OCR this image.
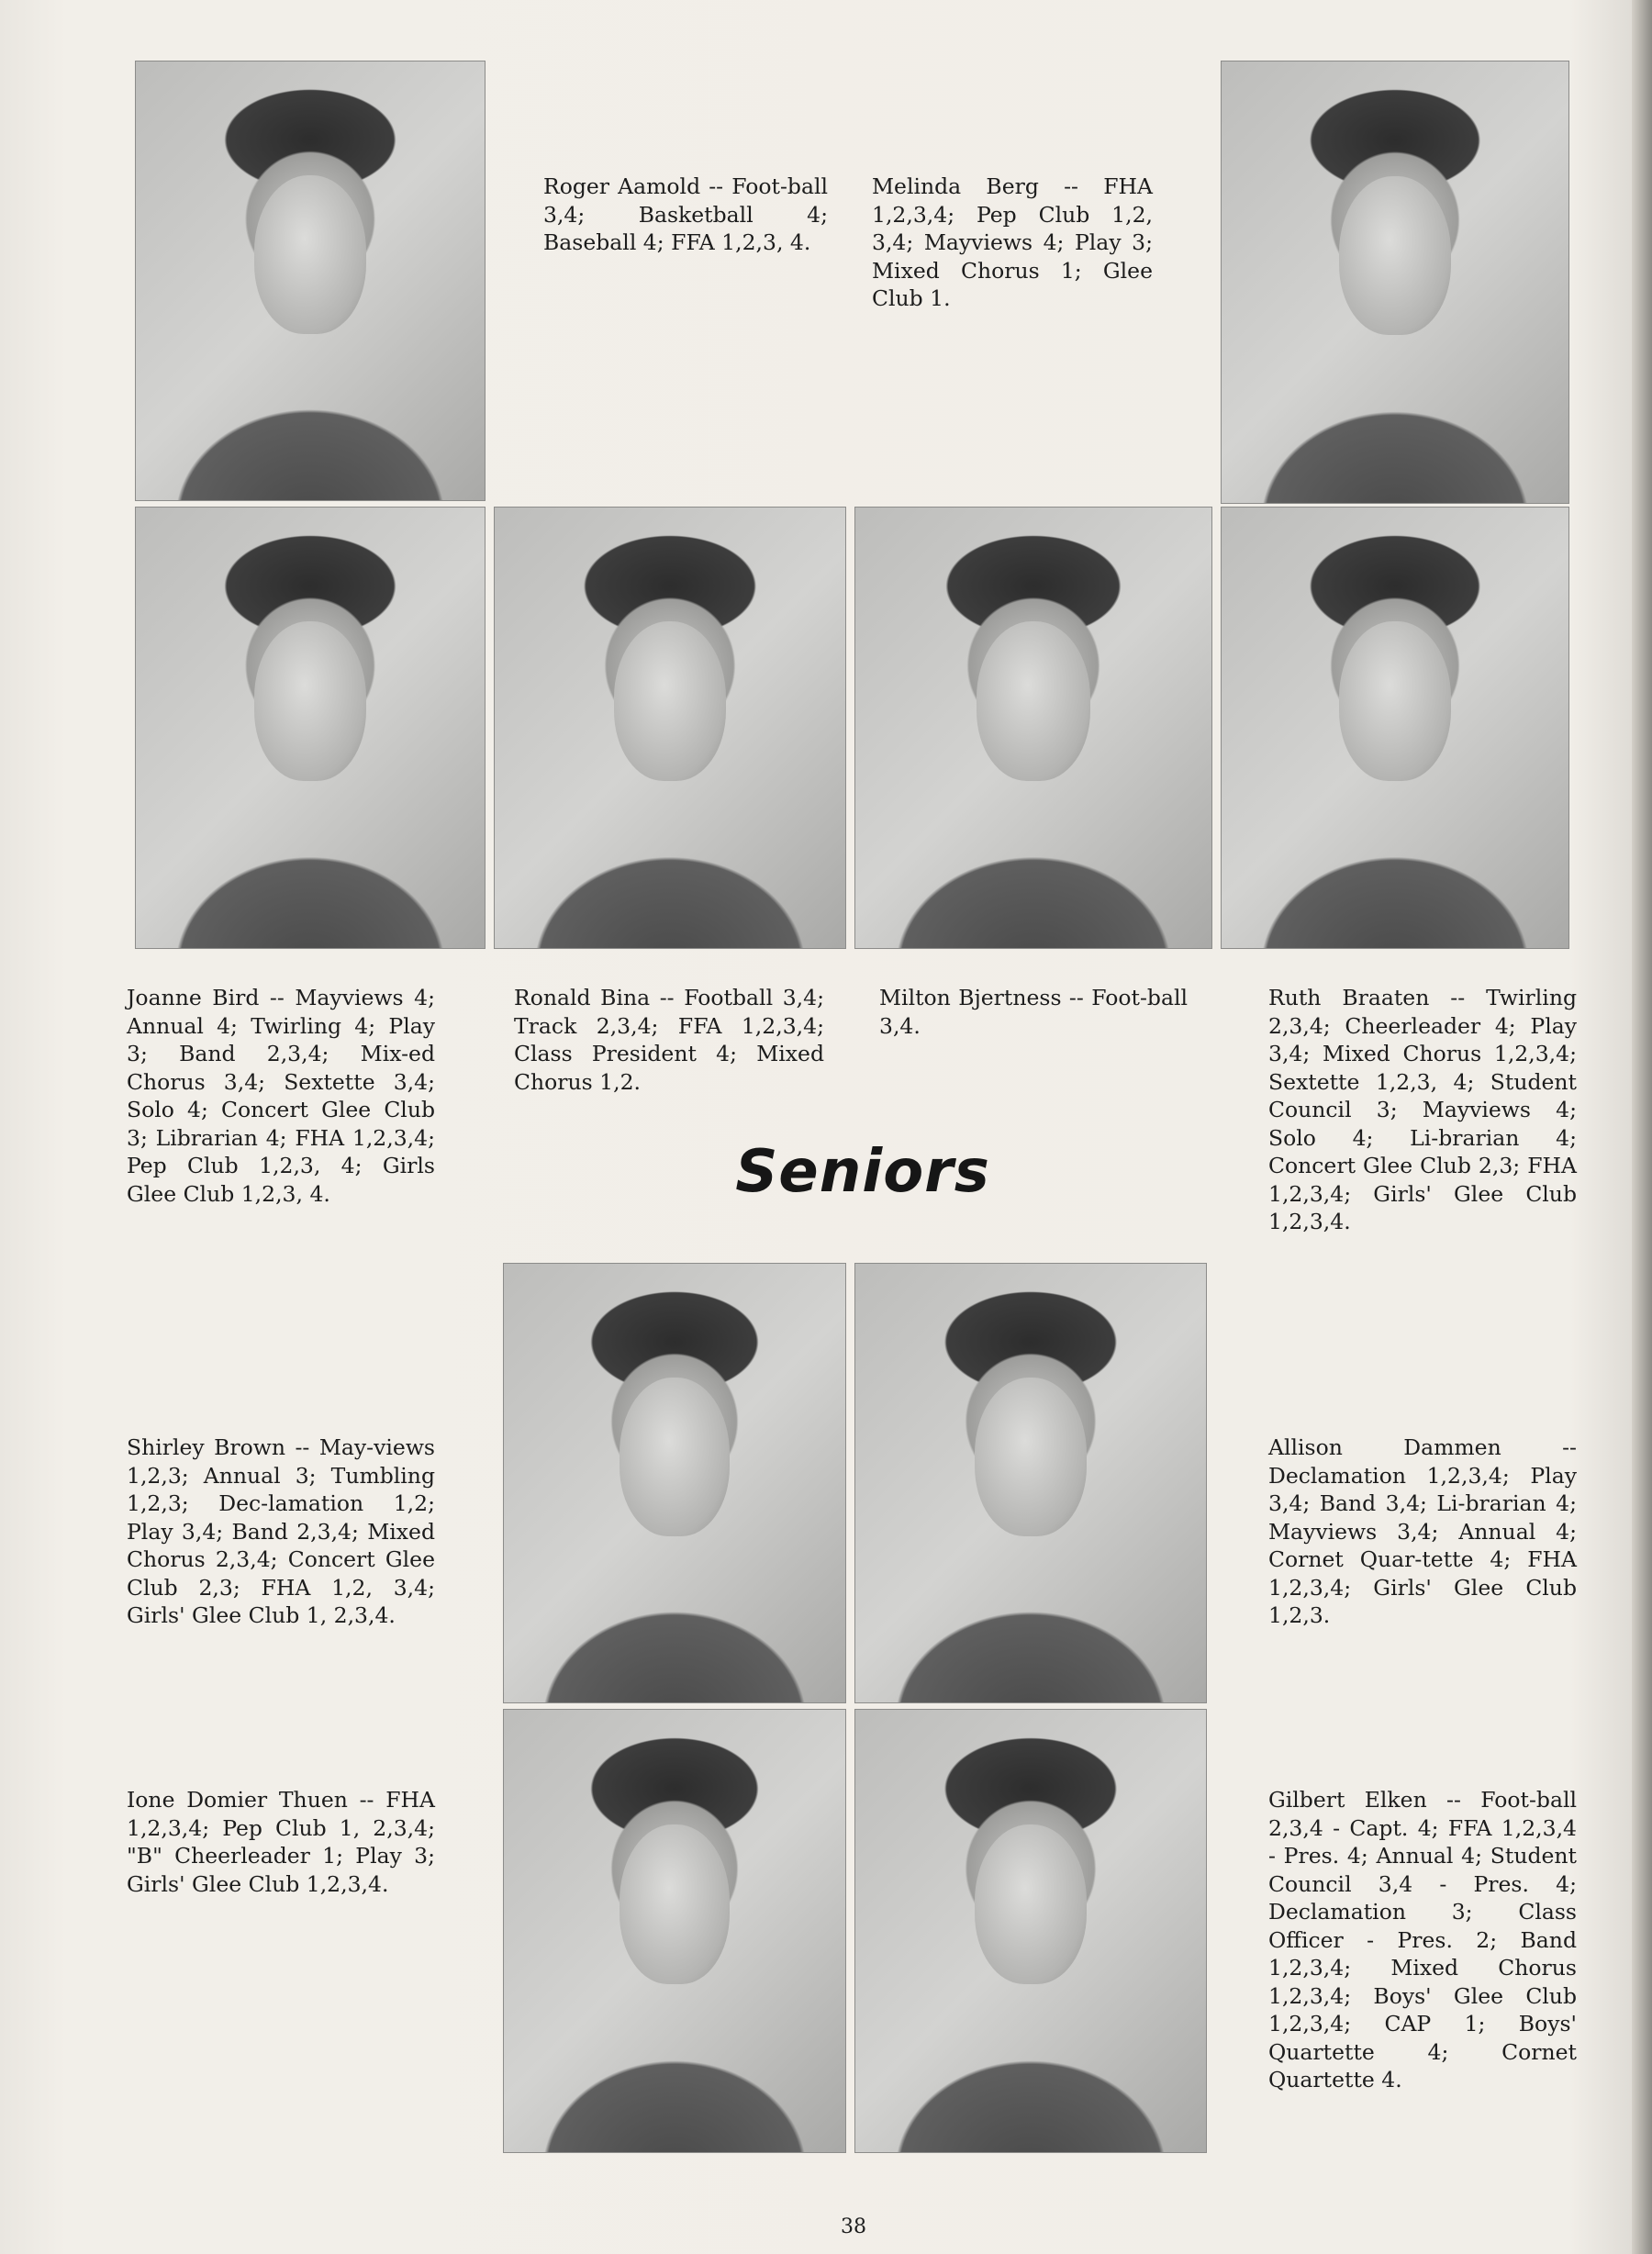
Roger Aamold -- Foot-ball 3,4; Basketball 4; Baseball 4; FFA 1,2,3, 4.

Melinda Berg -- FHA 1,2,3,4; Pep Club 1,2, 3,4; Mayviews 4; Play 3; Mixed Chorus 1; Glee Club 1.

Joanne Bird -- Mayviews 4; Annual 4; Twirling 4; Play 3; Band 2,3,4; Mix-ed Chorus 3,4; Sextette 3,4; Solo 4; Concert Glee Club 3; Librarian 4; FHA 1,2,3,4; Pep Club 1,2,3, 4; Girls Glee Club 1,2,3, 4.

Ronald Bina -- Football 3,4; Track 2,3,4; FFA 1,2,3,4; Class President 4; Mixed Chorus 1,2.

Milton Bjertness -- Foot-ball 3,4.

Ruth Braaten -- Twirling 2,3,4; Cheerleader 4; Play 3,4; Mixed Chorus 1,2,3,4; Sextette 1,2,3, 4; Student Council 3; Mayviews 4; Solo 4; Li-brarian 4; Concert Glee Club 2,3; FHA 1,2,3,4; Girls' Glee Club 1,2,3,4.

Seniors

Shirley Brown -- May-views 1,2,3; Annual 3; Tumbling 1,2,3; Dec-lamation 1,2; Play 3,4; Band 2,3,4; Mixed Chorus 2,3,4; Concert Glee Club 2,3; FHA 1,2, 3,4; Girls' Glee Club 1, 2,3,4.

Allison Dammen -- Declamation 1,2,3,4; Play 3,4; Band 3,4; Li-brarian 4; Mayviews 3,4; Annual 4; Cornet Quar-tette 4; FHA 1,2,3,4; Girls' Glee Club 1,2,3.

Ione Domier Thuen -- FHA 1,2,3,4; Pep Club 1, 2,3,4; "B" Cheerleader 1; Play 3; Girls' Glee Club 1,2,3,4.

Gilbert Elken -- Foot-ball 2,3,4 - Capt. 4; FFA 1,2,3,4 - Pres. 4; Annual 4; Student Council 3,4 - Pres. 4; Declamation 3; Class Officer - Pres. 2; Band 1,2,3,4; Mixed Chorus 1,2,3,4; Boys' Glee Club 1,2,3,4; CAP 1; Boys' Quartette 4; Cornet Quartette 4.

38
